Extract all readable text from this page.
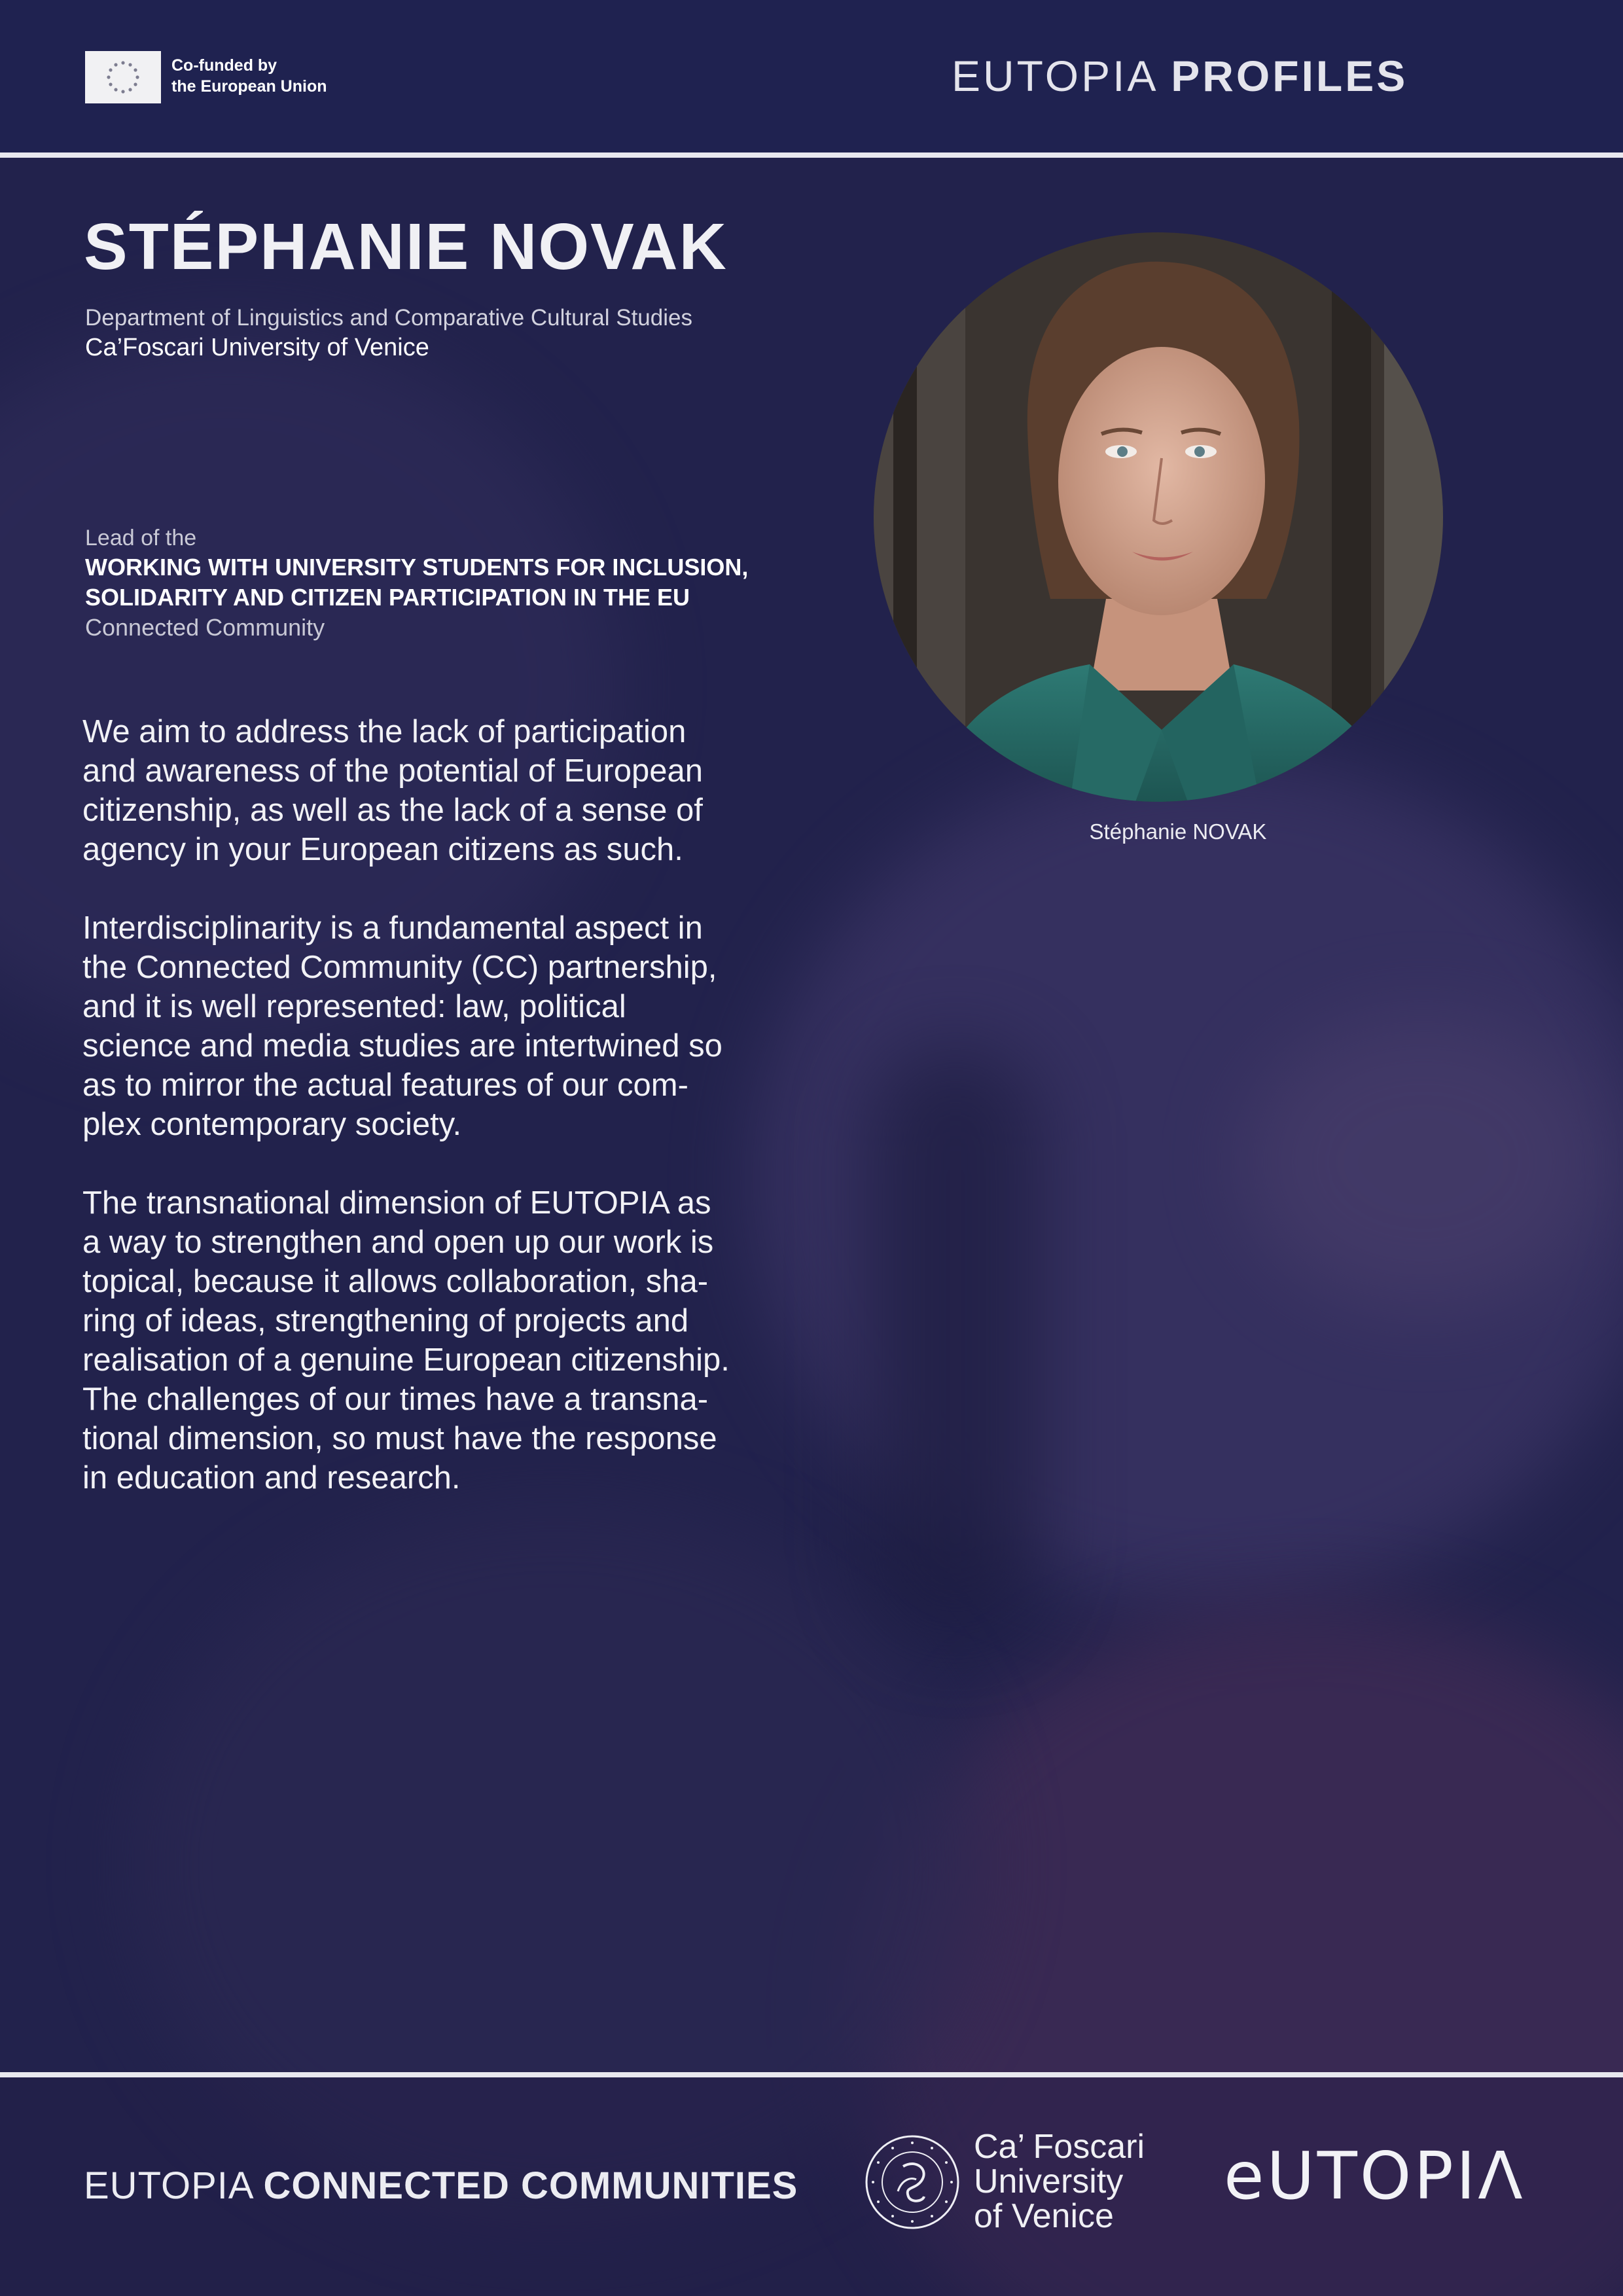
Co-funded by
the European Union	EUTOPIA PROFILES
STÉPHANIE NOVAK
Department of Linguistics and Comparative Cultural Studies
Ca’Foscari University of Venice
Lead of the
WORKING WITH UNIVERSITY STUDENTS FOR INCLUSION,
SOLIDARITY AND CITIZEN PARTICIPATION IN THE EU
Connected Community

We aim to address the lack of participation
and awareness of the potential of European
citizenship, as well as the lack of a sense of
agency in your European citizens as such.

Interdisciplinarity is a fundamental aspect in
the Connected Community (CC) partnership,
and it is well represented: law, political
science and media studies are intertwined so
as to mirror the actual features of our com-
plex contemporary society.

The transnational dimension of EUTOPIA as
a way to strengthen and open up our work is
topical, because it allows collaboration, sha-
ring of ideas, strengthening of projects and
realisation of a genuine European citizenship.
The challenges of our times have a transna-
tional dimension, so must have the response
in education and research.

Stéphanie NOVAK
EUTOPIA CONNECTED COMMUNITIES
Ca’ Foscari
University
of Venice
eUTOPIΛ
